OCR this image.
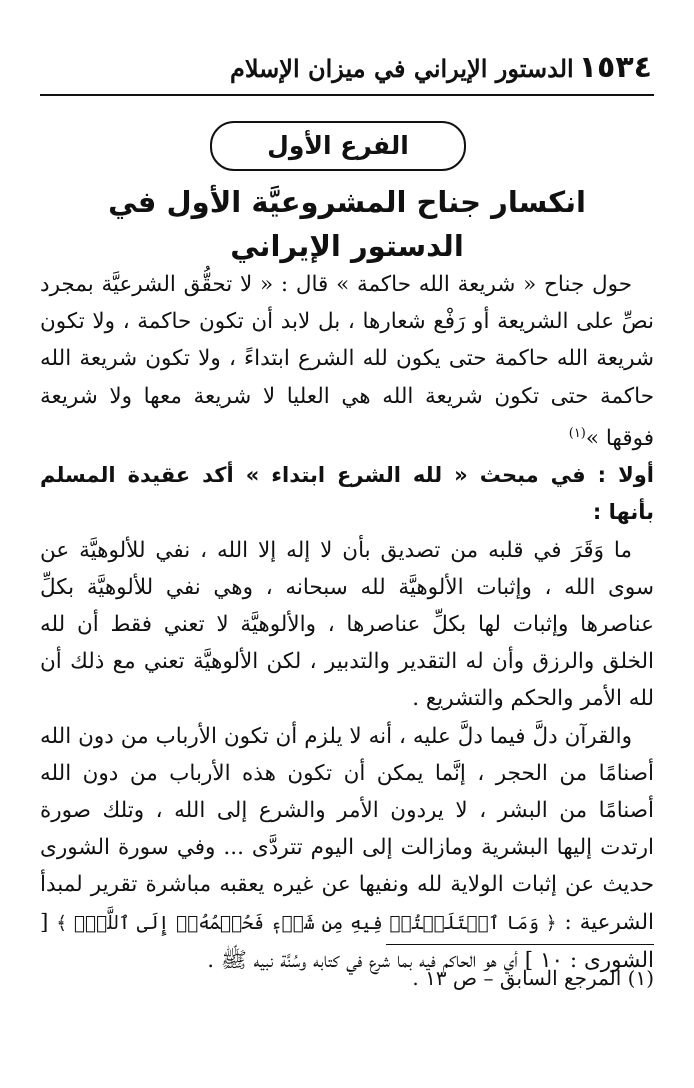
١٥٣٤
الدستور الإيراني في ميزان الإسلام
الفرع الأول
انكسار جناح المشروعيَّة الأول في
الدستور الإيراني

حول جناح « شريعة الله حاكمة » قال : « لا تحقُّق الشرعيَّة بمجرد نصِّ على الشريعة أو رَفْع شعارها ، بل لابد أن تكون حاكمة ، ولا تكون شريعة الله حاكمة حتى يكون لله الشرع ابتداءً ، ولا تكون شريعة الله حاكمة حتى تكون شريعة الله هي العليا لا شريعة معها ولا شريعة فوقها »$^{(١)}$

أولا : في مبحث « لله الشرع ابتداء » أكد عقيدة المسلم بأنها :

ما وَقَرَ في قلبه من تصديق بأن لا إله إلا الله ، نفي للألوهيَّة عن سوى الله ، وإثبات الألوهيَّة لله سبحانه ، وهي نفي للألوهيَّة بكلِّ عناصرها وإثبات لها بكلِّ عناصرها ، والألوهيَّة لا تعني فقط أن لله الخلق والرزق وأن له التقدير والتدبير ، لكن الألوهيَّة تعني مع ذلك أن لله الأمر والحكم والتشريع .

والقرآن دلَّ فيما دلَّ عليه ، أنه لا يلزم أن تكون الأرباب من دون الله أصنامًا من الحجر ، إنَّما يمكن أن تكون هذه الأرباب من دون الله أصنامًا من البشر ، لا يردون الأمر والشرع إلى الله ، وتلك صورة ارتدت إليها البشرية ومازالت إلى اليوم تتردَّى ... وفي سورة الشورى حديث عن إثبات الولاية لله ونفيها عن غيره يعقبه مباشرة تقرير لمبدأ الشرعية : ﴿ وَمَا ٱخۡتَلَفۡتُمۡ فِيهِ مِن شَيۡءٖ فَحُكۡمُهُۥٓ إِلَى ٱللَّهِۚ ﴾ [ الشورى : ١٠ ] أي هو الحاكم فيه بما شرع في كتابه وسُنَّة نبيه ﷺ .

(١) المرجع السابق – ص ١٣ .
